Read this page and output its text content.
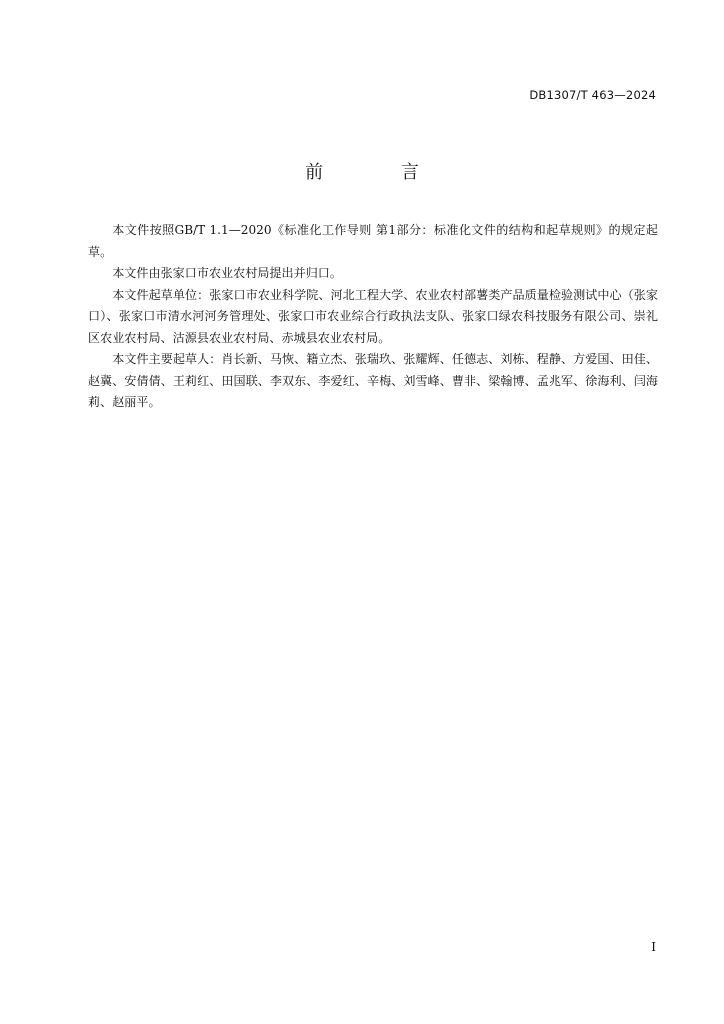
DB1307/T 463—2024
前 言

本文件按照GB/T 1.1—2020《标准化工作导则 第1部分：标准化文件的结构和起草规则》的规定起草。

本文件由张家口市农业农村局提出并归口。

本文件起草单位：张家口市农业科学院、河北工程大学、农业农村部薯类产品质量检验测试中心（张家口）、张家口市清水河河务管理处、张家口市农业综合行政执法支队、张家口绿农科技服务有限公司、崇礼区农业农村局、沽源县农业农村局、赤城县农业农村局。

本文件主要起草人：肖长新、马恢、籍立杰、张瑞玖、张耀辉、任德志、刘栋、程静、方爱国、田佳、赵冀、安倩倩、王莉红、田国联、李双东、李爱红、辛梅、刘雪峰、曹非、梁翰博、孟兆军、徐海利、闫海莉、赵丽平。

I
